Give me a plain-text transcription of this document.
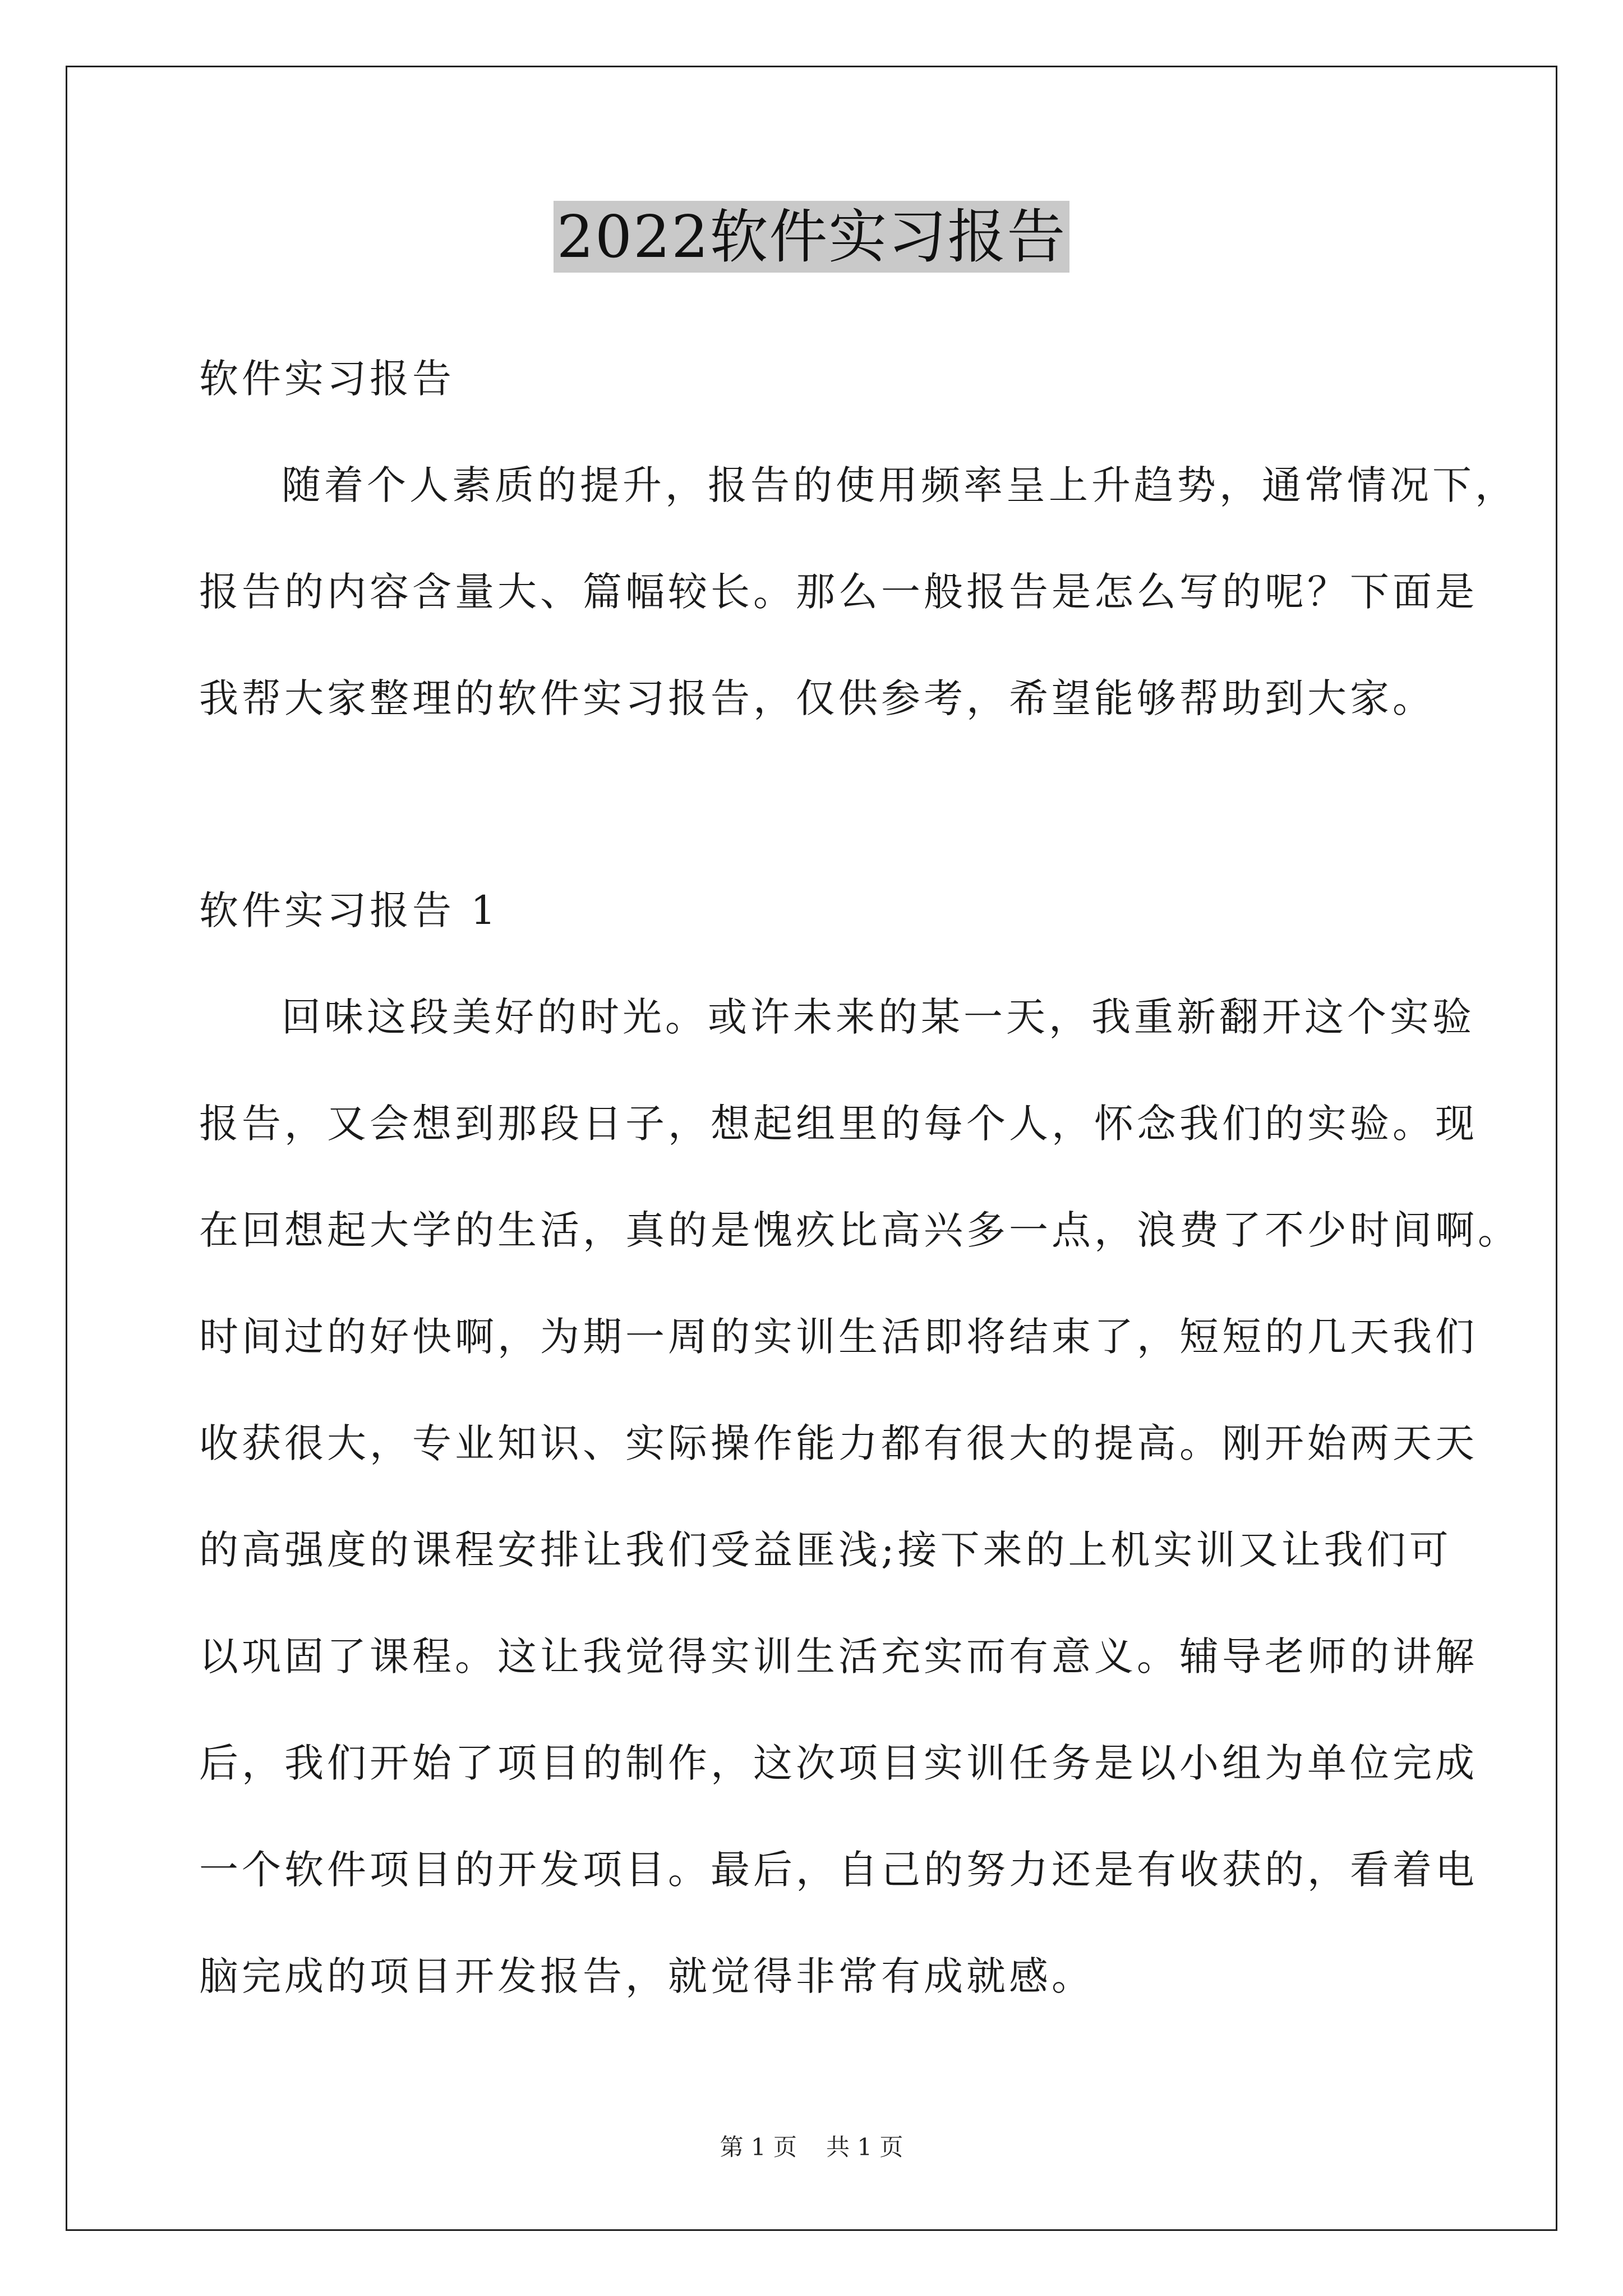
2022软件实习报告
软件实习报告
随着个人素质的提升，报告的使用频率呈上升趋势，通常情况下，
报告的内容含量大、篇幅较长。那么一般报告是怎么写的呢？下面是
我帮大家整理的软件实习报告，仅供参考，希望能够帮助到大家。
软件实习报告 1
回味这段美好的时光。或许未来的某一天，我重新翻开这个实验
报告，又会想到那段日子，想起组里的每个人，怀念我们的实验。现
在回想起大学的生活，真的是愧疚比高兴多一点，浪费了不少时间啊。
时间过的好快啊，为期一周的实训生活即将结束了，短短的几天我们
收获很大，专业知识、实际操作能力都有很大的提高。刚开始两天天
的高强度的课程安排让我们受益匪浅;接下来的上机实训又让我们可
以巩固了课程。这让我觉得实训生活充实而有意义。辅导老师的讲解
后，我们开始了项目的制作，这次项目实训任务是以小组为单位完成
一个软件项目的开发项目。最后，自己的努力还是有收获的，看着电
脑完成的项目开发报告，就觉得非常有成就感。
第 1 页 共 1 页
